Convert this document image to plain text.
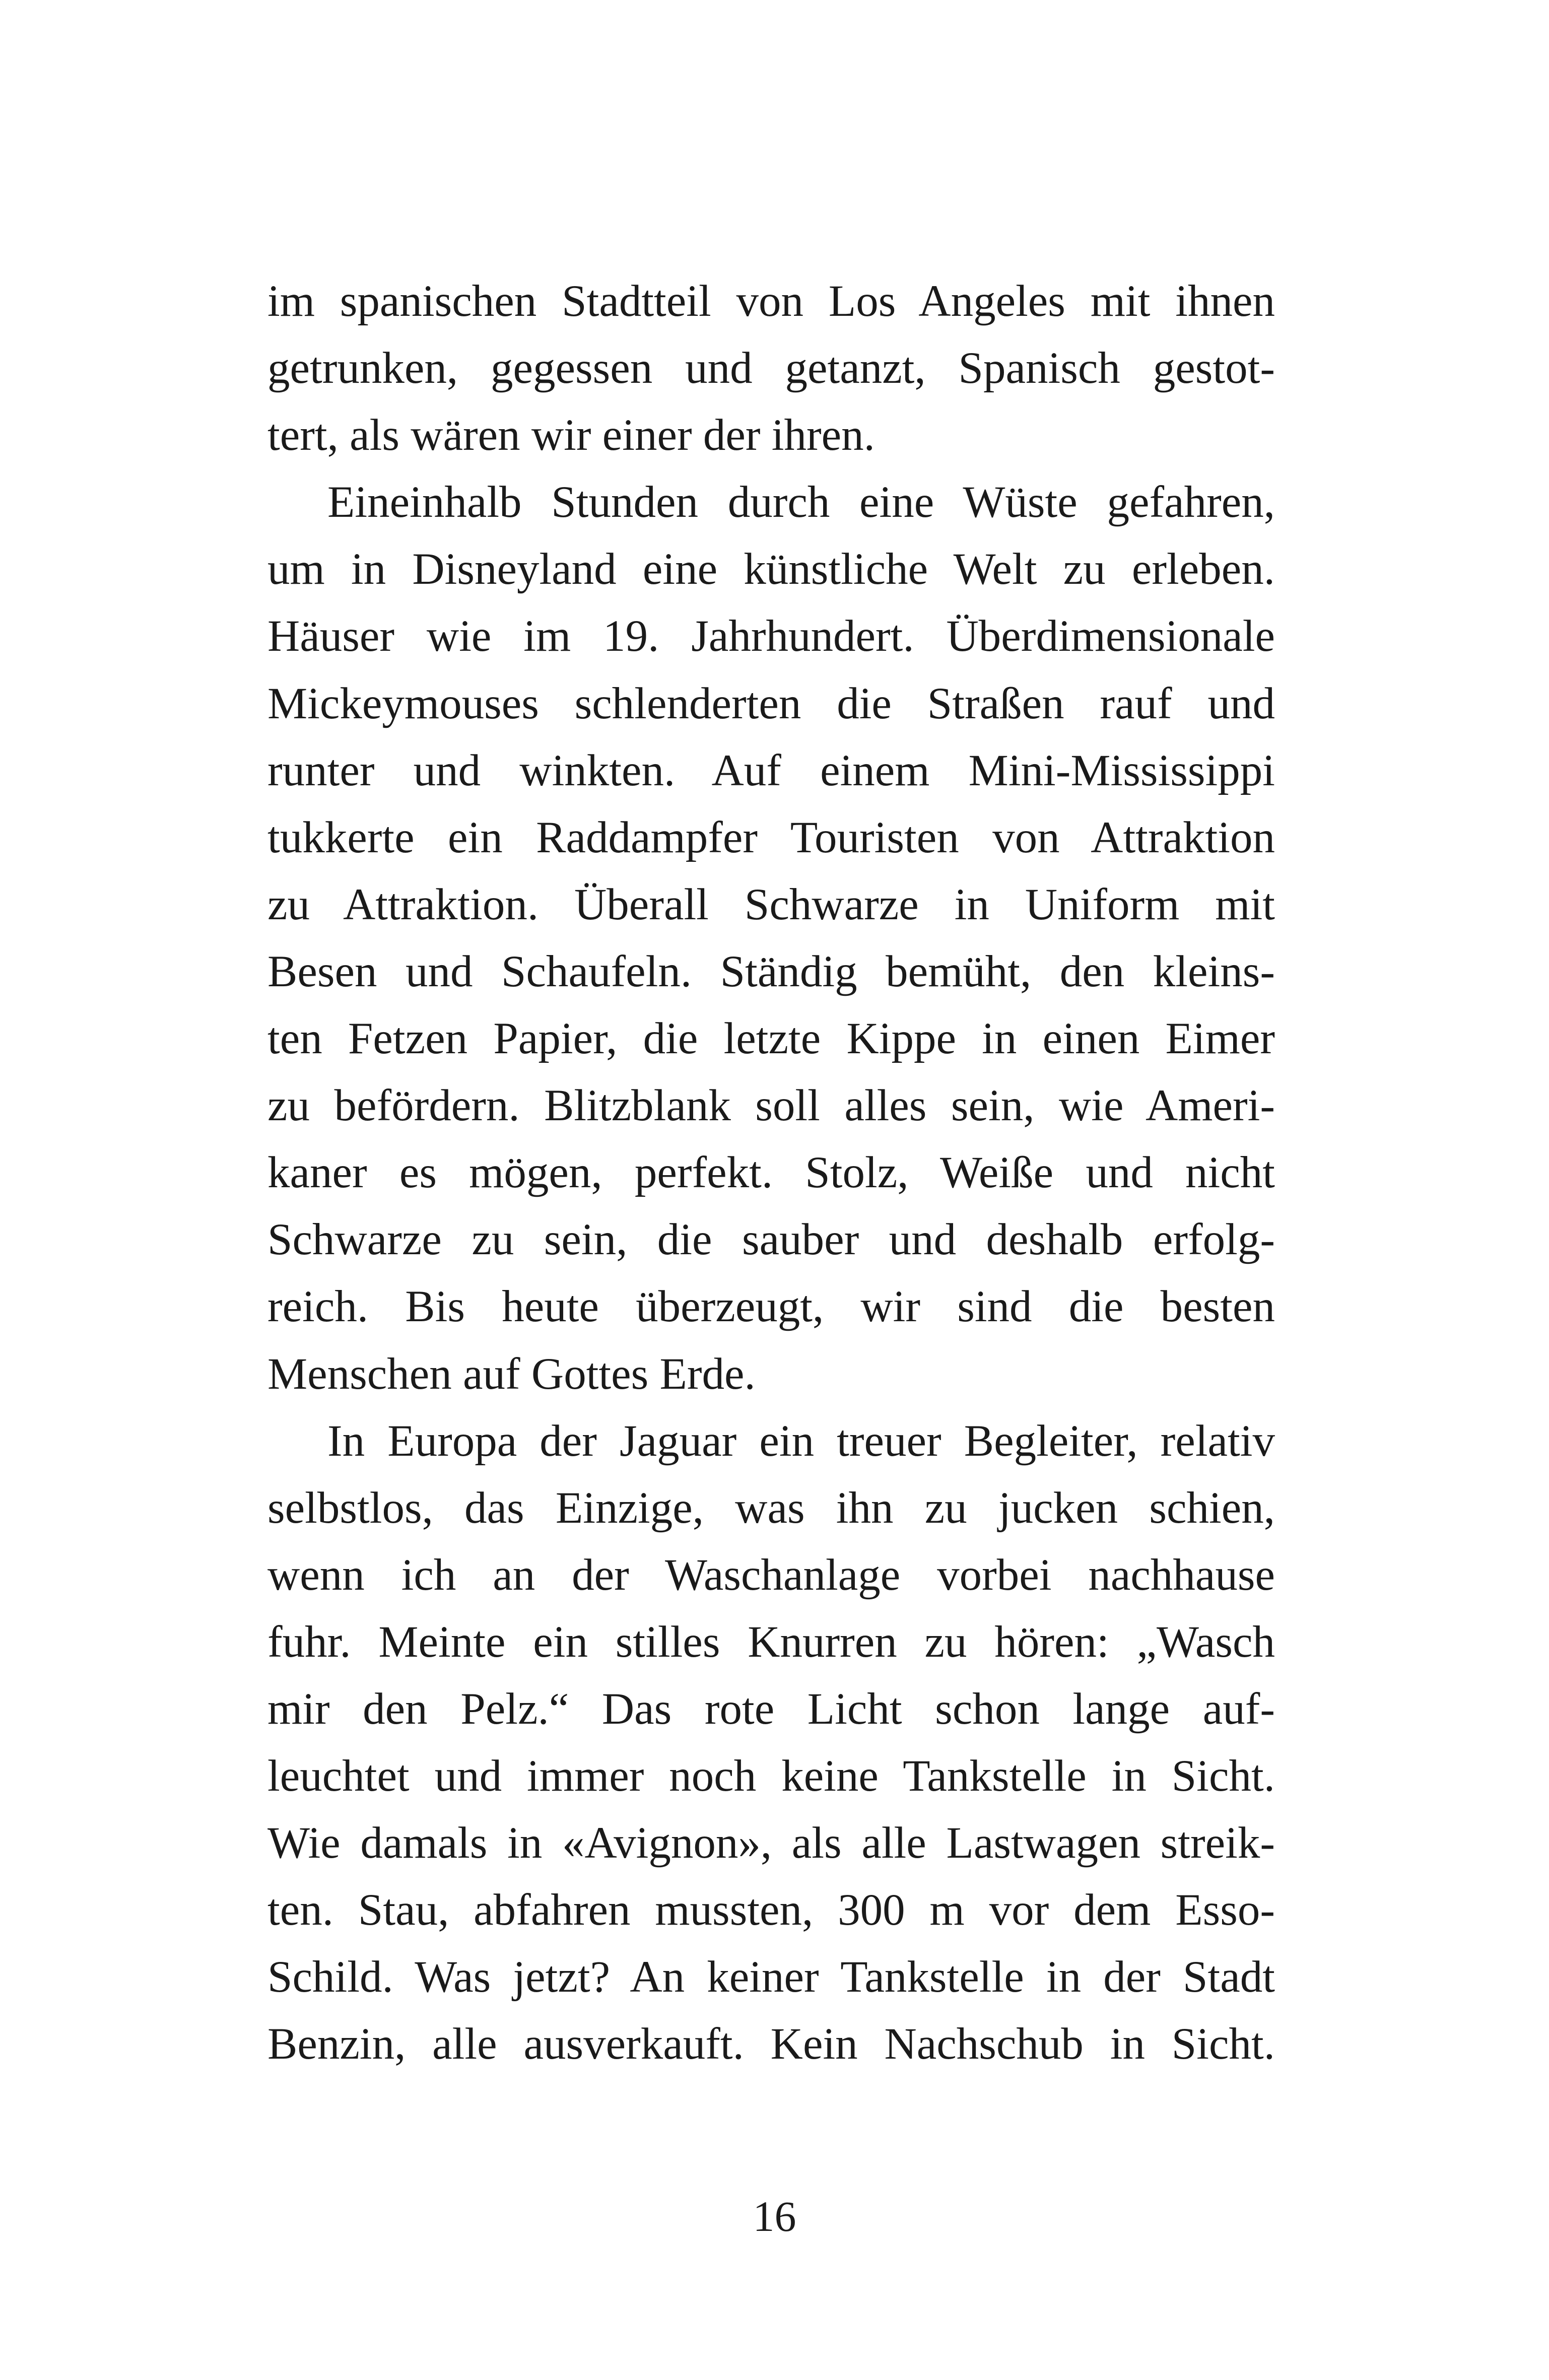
im spanischen Stadtteil von Los Angeles mit ihnen
getrunken, gegessen und getanzt, Spanisch gestot-
tert, als wären wir einer der ihren.
Eineinhalb Stunden durch eine Wüste gefahren,
um in Disneyland eine künstliche Welt zu erleben.
Häuser wie im 19. Jahrhundert. Überdimensionale
Mickeymouses schlenderten die Straßen rauf und
runter und winkten. Auf einem Mini-Mississippi
tukkerte ein Raddampfer Touristen von Attraktion
zu Attraktion. Überall Schwarze in Uniform mit
Besen und Schaufeln. Ständig bemüht, den kleins-
ten Fetzen Papier, die letzte Kippe in einen Eimer
zu befördern. Blitzblank soll alles sein, wie Ameri-
kaner es mögen, perfekt. Stolz, Weiße und nicht
Schwarze zu sein, die sauber und deshalb erfolg-
reich. Bis heute überzeugt, wir sind die besten
Menschen auf Gottes Erde.
In Europa der Jaguar ein treuer Begleiter, relativ
selbstlos, das Einzige, was ihn zu jucken schien,
wenn ich an der Waschanlage vorbei nachhause
fuhr. Meinte ein stilles Knurren zu hören: „Wasch
mir den Pelz.“ Das rote Licht schon lange auf-
leuchtet und immer noch keine Tankstelle in Sicht.
Wie damals in «Avignon», als alle Lastwagen streik-
ten. Stau, abfahren mussten, 300 m vor dem Esso-
Schild. Was jetzt? An keiner Tankstelle in der Stadt
Benzin, alle ausverkauft. Kein Nachschub in Sicht.
16
